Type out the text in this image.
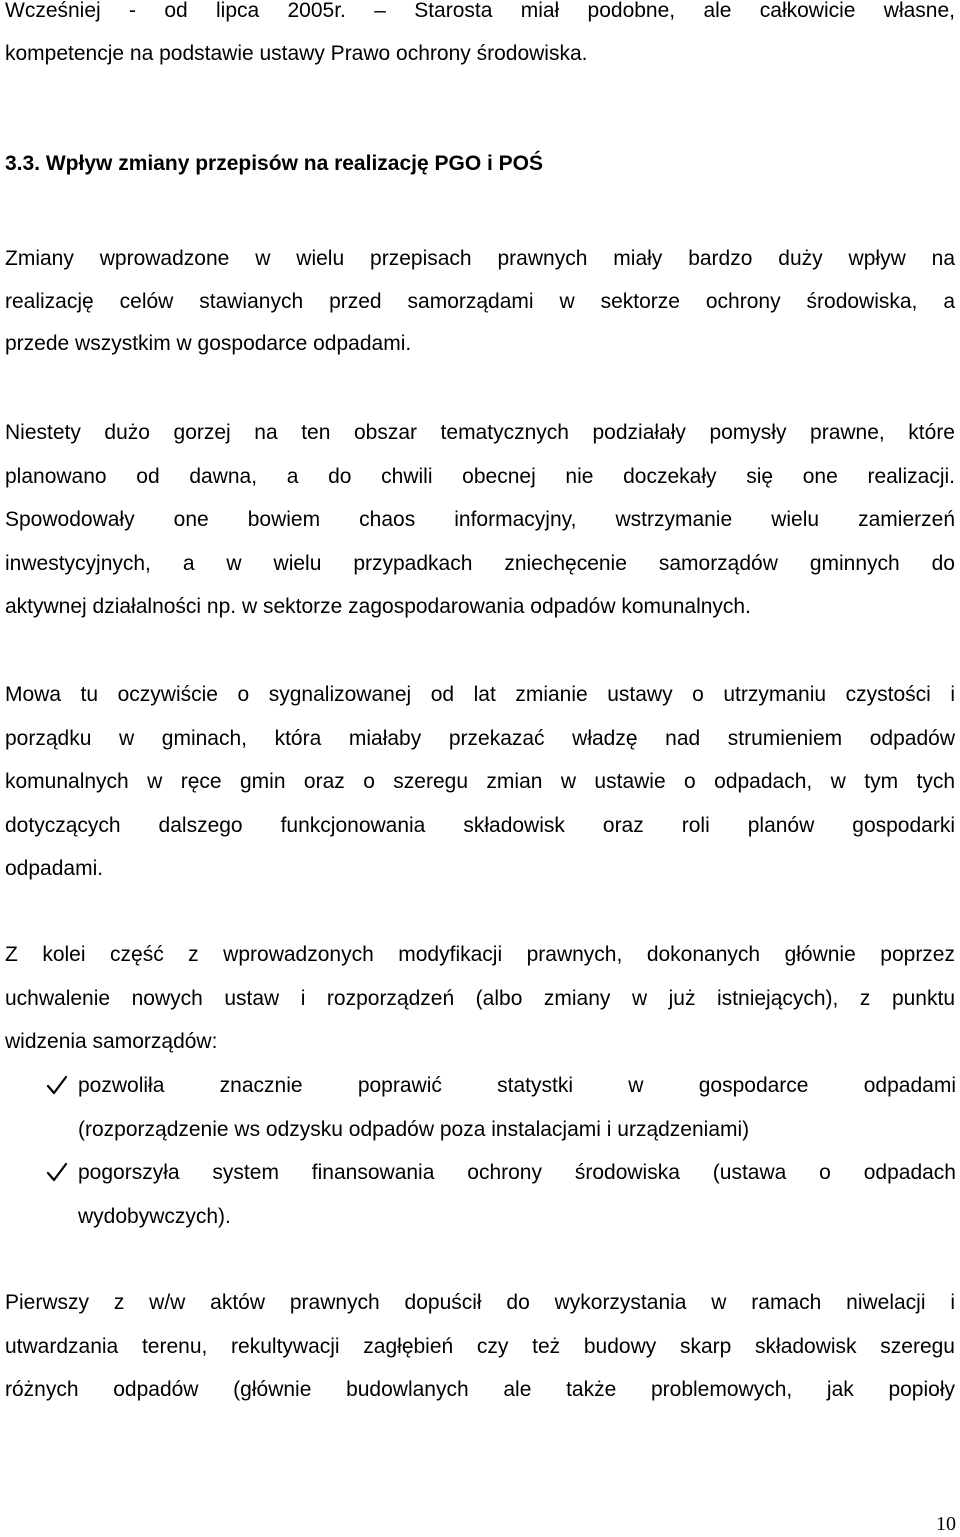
Wcześniej - od lipca 2005r. – Starosta miał podobne, ale całkowicie własne,
kompetencje na podstawie ustawy Prawo ochrony środowiska.
3.3. Wpływ zmiany przepisów na realizację PGO i POŚ
Zmiany wprowadzone w wielu przepisach prawnych miały bardzo duży wpływ na
realizację celów stawianych przed samorządami w sektorze ochrony środowiska, a
przede wszystkim w gospodarce odpadami.
Niestety dużo gorzej na ten obszar tematycznych podziałały pomysły prawne, które
planowano od dawna, a do chwili obecnej nie doczekały się one realizacji.
Spowodowały one bowiem chaos informacyjny, wstrzymanie wielu zamierzeń
inwestycyjnych, a w wielu przypadkach zniechęcenie samorządów gminnych do
aktywnej działalności np. w sektorze zagospodarowania odpadów komunalnych.
Mowa tu oczywiście o sygnalizowanej od lat zmianie ustawy o utrzymaniu czystości i
porządku w gminach, która miałaby przekazać władzę nad strumieniem odpadów
komunalnych w ręce gmin oraz o szeregu zmian w ustawie o odpadach, w tym tych
dotyczących dalszego funkcjonowania składowisk oraz roli planów gospodarki
odpadami.
Z kolei część z wprowadzonych modyfikacji prawnych, dokonanych głównie poprzez
uchwalenie nowych ustaw i rozporządzeń (albo zmiany w już istniejących), z punktu
widzenia samorządów:
pozwoliła znacznie poprawić statystki w gospodarce odpadami
(rozporządzenie ws odzysku odpadów poza instalacjami i urządzeniami)
pogorszyła system finansowania ochrony środowiska (ustawa o odpadach
wydobywczych).
Pierwszy z w/w aktów prawnych dopuścił do wykorzystania w ramach niwelacji i
utwardzania terenu, rekultywacji zagłębień czy też budowy skarp składowisk szeregu
różnych odpadów (głównie budowlanych ale także problemowych, jak popioły
10
